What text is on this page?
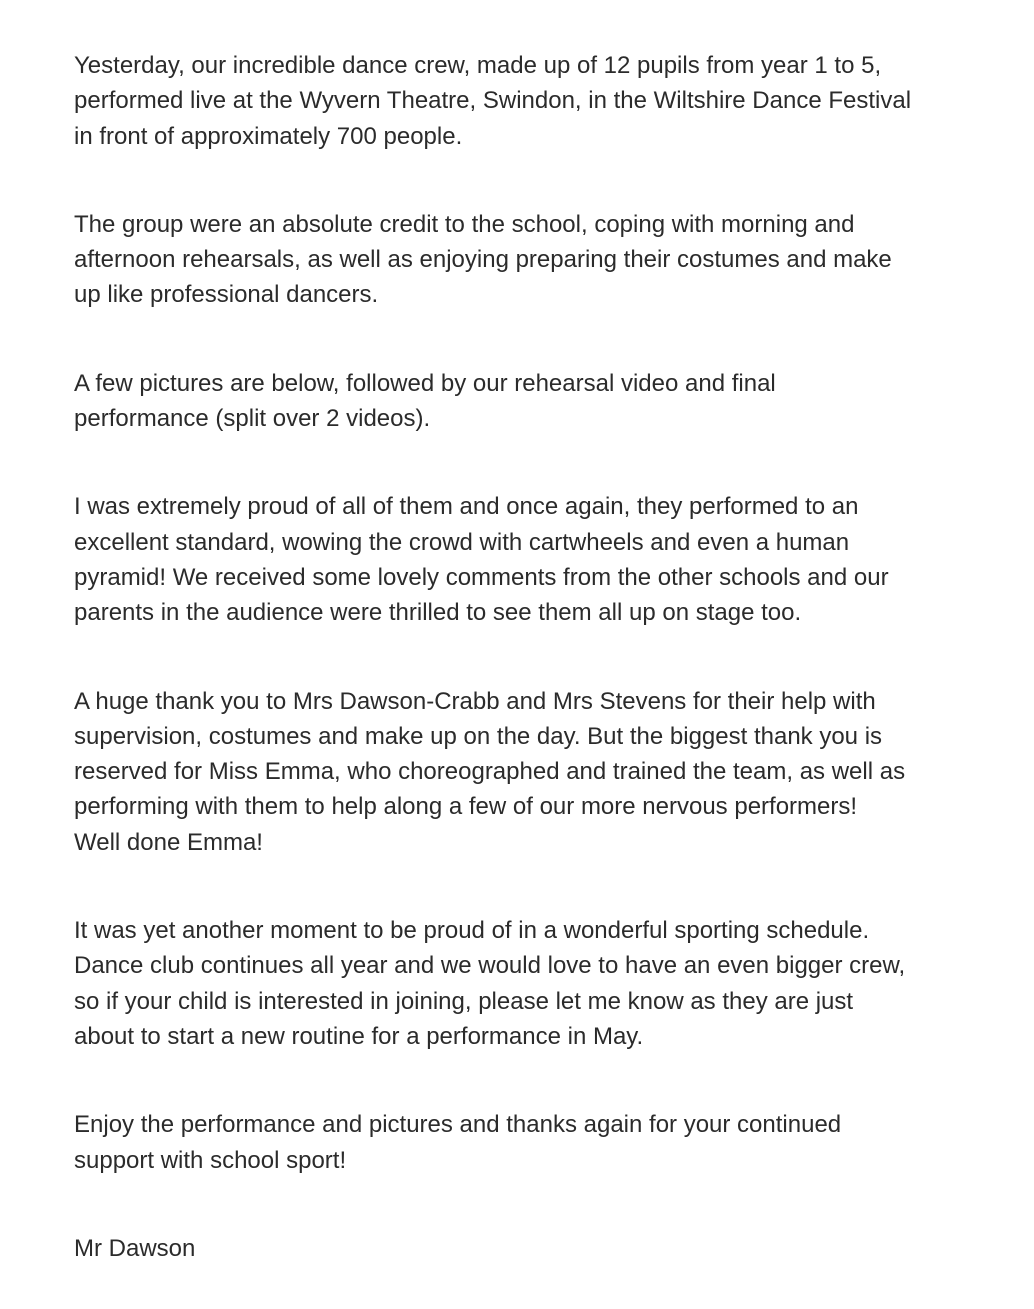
Yesterday, our incredible dance crew, made up of 12 pupils from year 1 to 5,
performed live at the Wyvern Theatre, Swindon, in the Wiltshire Dance Festival
in front of approximately 700 people.

The group were an absolute credit to the school, coping with morning and
afternoon rehearsals, as well as enjoying preparing their costumes and make
up like professional dancers.

A few pictures are below, followed by our rehearsal video and final
performance (split over 2 videos).

I was extremely proud of all of them and once again, they performed to an
excellent standard, wowing the crowd with cartwheels and even a human
pyramid! We received some lovely comments from the other schools and our
parents in the audience were thrilled to see them all up on stage too.

A huge thank you to Mrs Dawson-Crabb and Mrs Stevens for their help with
supervision, costumes and make up on the day. But the biggest thank you is
reserved for Miss Emma, who choreographed and trained the team, as well as
performing with them to help along a few of our more nervous performers!
Well done Emma!

It was yet another moment to be proud of in a wonderful sporting schedule.
Dance club continues all year and we would love to have an even bigger crew,
so if your child is interested in joining, please let me know as they are just
about to start a new routine for a performance in May.

Enjoy the performance and pictures and thanks again for your continued
support with school sport!

Mr Dawson
